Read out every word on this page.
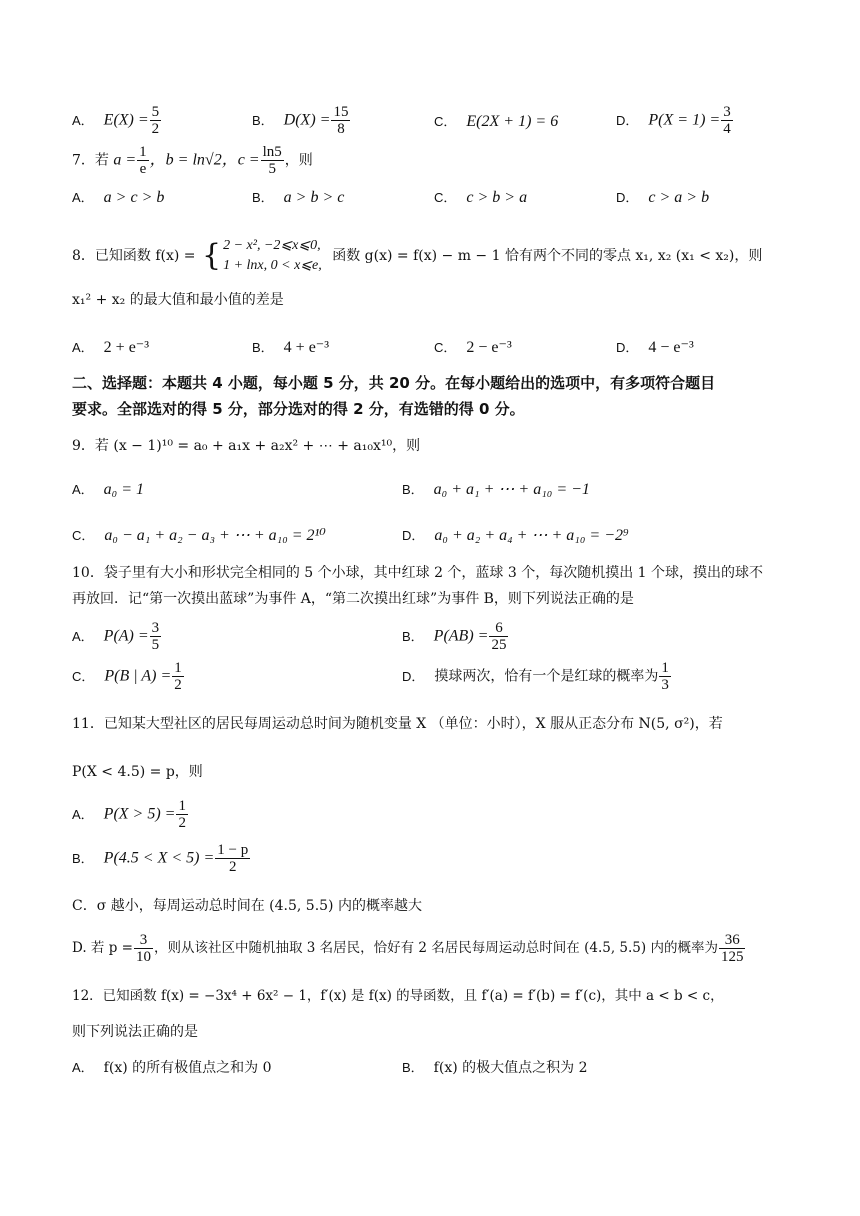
A． $E(X) = \frac{5}{2}$	B． $D(X) = \frac{15}{8}$	C． E(2X + 1) = 6	D． $P(X = 1) = \frac{3}{4}$
7．若 $a = \frac{1}{e}$ ，b = ln√2，$c = \frac{\ln 5}{5}$ ，则
A． a > c > b	B． a > b > c	C． c > b > a	D． c > a > b
8．已知函数 f(x) = { 2 − x², −2⩽x⩽0,
1 + lnx, 0 < x⩽e,
函数 g(x) = f(x) − m − 1 恰有两个不同的零点 x₁, x₂ (x₁ < x₂)，则
x₁² + x₂ 的最大值和最小值的差是
A． 2 + e⁻³	B． 4 + e⁻³	C． 2 − e⁻³	D． 4 − e⁻³
二、选择题：本题共 4 小题，每小题 5 分，共 20 分。在每小题给出的选项中，有多项符合题目
要求。全部选对的得 5 分，部分选对的得 2 分，有选错的得 0 分。
9．若 (x − 1)¹⁰ = a₀ + a₁x + a₂x² + ⋯ + a₁₀x¹⁰，则
A． a₀ = 1	B． a₀ + a₁ + ⋯ + a₁₀ = −1
C． a₀ − a₁ + a₂ − a₃ + ⋯ + a₁₀ = 2¹⁰	D． a₀ + a₂ + a₄ + ⋯ + a₁₀ = −2⁹
10．袋子里有大小和形状完全相同的 5 个小球，其中红球 2 个，蓝球 3 个，每次随机摸出 1 个球，摸出的球不
再放回．记“第一次摸出蓝球”为事件 A，“第二次摸出红球”为事件 B，则下列说法正确的是
A． $P(A) = \frac{3}{5}$	B． $P(AB) = \frac{6}{25}$
C． P(B | $A) = \frac{1}{2}$	D． 摸球两次，恰有一个是红球的概率为 $\frac{1}{3}$
11．已知某大型社区的居民每周运动总时间为随机变量 X （单位：小时），X 服从正态分布 N(5, σ²)，若
P(X < 4.5) = p，则
A． $P(X > 5) = \frac{1}{2}$
B． $P(4.5 < X < 5) = \frac{1 - p}{2}$
C．σ 越小，每周运动总时间在 (4.5, 5.5) 内的概率越大
D. 若 $p = \frac{3}{10}$ ，则从该社区中随机抽取 3 名居民，恰好有 2 名居民每周运动总时间在 (4.5, 5.5) 内的概率为 $\frac{36}{125}$
12．已知函数 f(x) = −3x⁴ + 6x² − 1，f′(x) 是 f(x) 的导函数，且 f′(a) = f′(b) = f′(c)，其中 a < b < c，
则下列说法正确的是
A． f(x) 的所有极值点之和为 0	B． f(x) 的极大值点之积为 2
